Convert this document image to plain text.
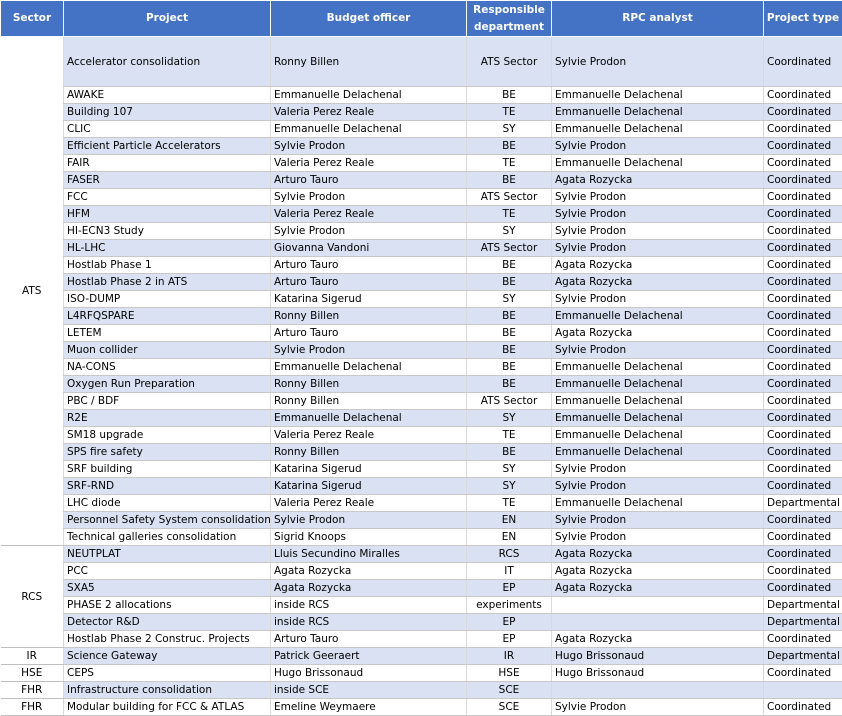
Sector	Project	Budget officer	Responsible department	RPC analyst	Project type
ATS	Accelerator consolidation	Ronny Billen	ATS Sector	Sylvie Prodon	Coordinated
	AWAKE	Emmanuelle Delachenal	BE	Emmanuelle Delachenal	Coordinated
	Building 107	Valeria Perez Reale	TE	Emmanuelle Delachenal	Coordinated
	CLIC	Emmanuelle Delachenal	SY	Emmanuelle Delachenal	Coordinated
	Efficient Particle Accelerators	Sylvie Prodon	BE	Sylvie Prodon	Coordinated
	FAIR	Valeria Perez Reale	TE	Emmanuelle Delachenal	Coordinated
	FASER	Arturo Tauro	BE	Agata Rozycka	Coordinated
	FCC	Sylvie Prodon	ATS Sector	Sylvie Prodon	Coordinated
	HFM	Valeria Perez Reale	TE	Sylvie Prodon	Coordinated
	HI-ECN3 Study	Sylvie Prodon	SY	Sylvie Prodon	Coordinated
	HL-LHC	Giovanna Vandoni	ATS Sector	Sylvie Prodon	Coordinated
	Hostlab Phase 1	Arturo Tauro	BE	Agata Rozycka	Coordinated
	Hostlab Phase 2 in ATS	Arturo Tauro	BE	Agata Rozycka	Coordinated
	ISO-DUMP	Katarina Sigerud	SY	Sylvie Prodon	Coordinated
	L4RFQSPARE	Ronny Billen	BE	Emmanuelle Delachenal	Coordinated
	LETEM	Arturo Tauro	BE	Agata Rozycka	Coordinated
	Muon collider	Sylvie Prodon	BE	Sylvie Prodon	Coordinated
	NA-CONS	Emmanuelle Delachenal	BE	Emmanuelle Delachenal	Coordinated
	Oxygen Run Preparation	Ronny Billen	BE	Emmanuelle Delachenal	Coordinated
	PBC / BDF	Ronny Billen	ATS Sector	Emmanuelle Delachenal	Coordinated
	R2E	Emmanuelle Delachenal	SY	Emmanuelle Delachenal	Coordinated
	SM18 upgrade	Valeria Perez Reale	TE	Emmanuelle Delachenal	Coordinated
	SPS fire safety	Ronny Billen	BE	Emmanuelle Delachenal	Coordinated
	SRF building	Katarina Sigerud	SY	Sylvie Prodon	Coordinated
	SRF-RND	Katarina Sigerud	SY	Sylvie Prodon	Coordinated
	LHC diode	Valeria Perez Reale	TE	Emmanuelle Delachenal	Departmental
	Personnel Safety System consolidation	Sylvie Prodon	EN	Sylvie Prodon	Coordinated
	Technical galleries consolidation	Sigrid Knoops	EN	Sylvie Prodon	Coordinated
RCS	NEUTPLAT	Lluis Secundino Miralles	RCS	Agata Rozycka	Coordinated
	PCC	Agata Rozycka	IT	Agata Rozycka	Coordinated
	SXA5	Agata Rozycka	EP	Agata Rozycka	Coordinated
	PHASE 2 allocations	inside RCS	experiments		Departmental
	Detector R&D	inside RCS	EP		Departmental
	Hostlab Phase 2 Construc. Projects	Arturo Tauro	EP	Agata Rozycka	Coordinated
IR	Science Gateway	Patrick Geeraert	IR	Hugo Brissonaud	Departmental
HSE	CEPS	Hugo Brissonaud	HSE	Hugo Brissonaud	Coordinated
FHR	Infrastructure consolidation	inside SCE	SCE		
FHR	Modular building for FCC & ATLAS	Emeline Weymaere	SCE	Sylvie Prodon	Coordinated
